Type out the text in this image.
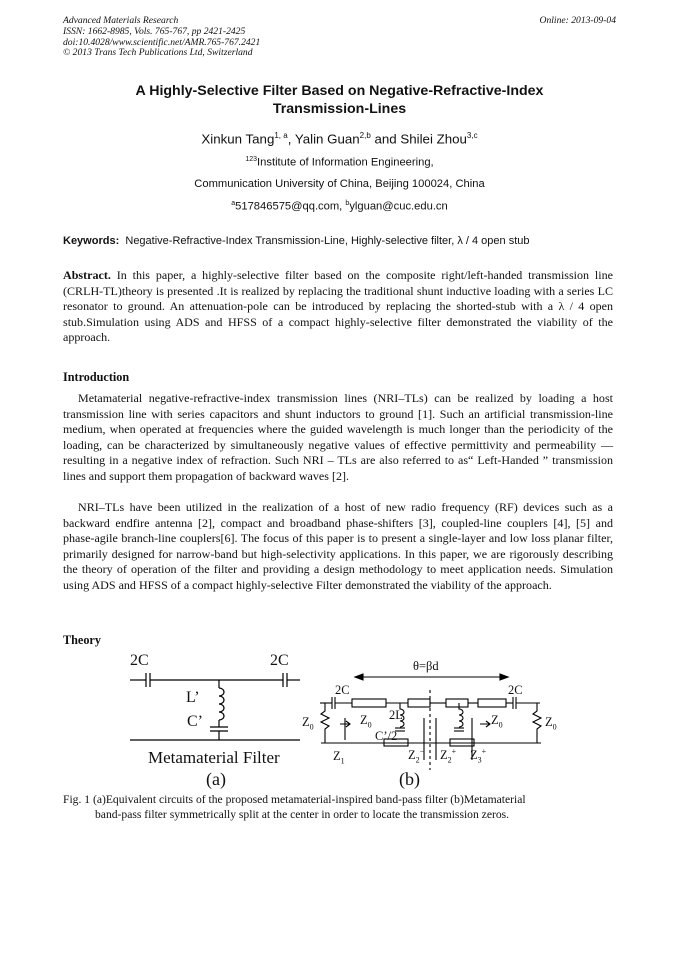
Advanced Materials Research
ISSN: 1662-8985, Vols. 765-767, pp 2421-2425
doi:10.4028/www.scientific.net/AMR.765-767.2421
© 2013 Trans Tech Publications Ltd, Switzerland
Online: 2013-09-04
A Highly-Selective Filter Based on Negative-Refractive-Index
Transmission-Lines
Xinkun Tang$^{1, a}$, Yalin Guan$^{2,b}$ and Shilei Zhou$^{3,c}$
$^{123}$Institute of Information Engineering,
Communication University of China, Beijing 100024, China
$^a$517846575@qq.com, $^b$ylguan@cuc.edu.cn
Keywords: Negative-Refractive-Index Transmission-Line, Highly-selective filter, λ / 4 open stub
Abstract. In this paper, a highly-selective filter based on the composite right/left-handed transmission line (CRLH-TL)theory is presented .It is realized by replacing the traditional shunt inductive loading with a series LC resonator to ground. An attenuation-pole can be introduced by replacing the shorted-stub with a λ / 4 open stub.Simulation using ADS and HFSS of a compact highly-selective filter demonstrated the viability of the approach.
Introduction
Metamaterial negative-refractive-index transmission lines (NRI–TLs) can be realized by loading a host transmission line with series capacitors and shunt inductors to ground [1]. Such an artificial transmission-line medium, when operated at frequencies where the guided wavelength is much longer than the periodicity of the loading, can be characterized by simultaneously negative values of effective permittivity and permeability — resulting in a negative index of refraction. Such NRI – TLs are also referred to as“ Left-Handed ” transmission lines and support them propagation of backward waves [2].
NRI–TLs have been utilized in the realization of a host of new radio frequency (RF) devices such as a backward endfire antenna [2], compact and broadband phase-shifters [3], coupled-line couplers [4], [5] and phase-agile branch-line couplers[6]. The focus of this paper is to present a single-layer and low loss planar filter, primarily designed for narrow-band but high-selectivity applications. In this paper, we are rigorously describing the theory of operation of the filter and providing a design methodology to meet application needs. Simulation using ADS and HFSS of a compact highly-selective Filter demonstrated the viability of the approach.
Theory
2C	2C
L’
C’
Metamaterial Filter
(a)
θ=βd
2C	2C
$Z_0$	$Z_0$
2L
C’/2
$Z_0$	$Z_0$
$Z_1$	$Z_2^-$ $Z_2^+$ $Z_3^+$
(b)
Fig. 1 (a)Equivalent circuits of the proposed metamaterial-inspired band-pass filter (b)Metamaterial
band-pass filter symmetrically split at the center in order to locate the transmission zeros.
